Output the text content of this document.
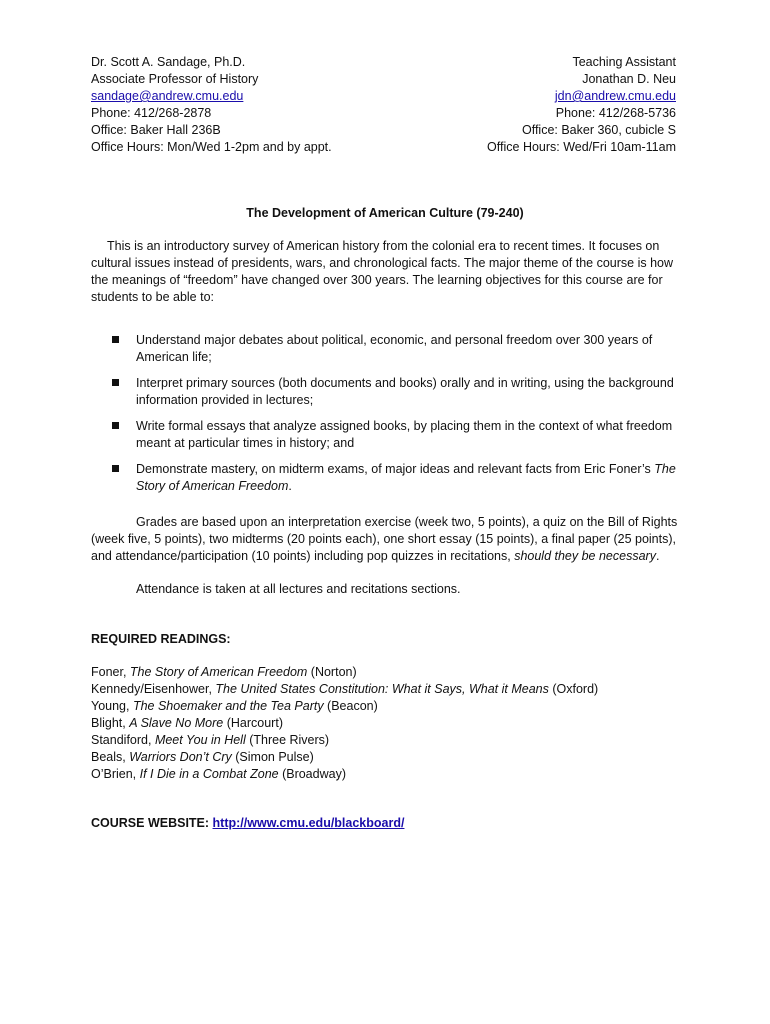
Dr. Scott A. Sandage, Ph.D.
Associate Professor of History
sandage@andrew.cmu.edu
Phone: 412/268-2878
Office: Baker Hall 236B
Office Hours: Mon/Wed 1-2pm and by appt.
Teaching Assistant
Jonathan D. Neu
jdn@andrew.cmu.edu
Phone: 412/268-5736
Office: Baker 360, cubicle S
Office Hours: Wed/Fri 10am-11am
The Development of American Culture (79-240)
This is an introductory survey of American history from the colonial era to recent times. It focuses on cultural issues instead of presidents, wars, and chronological facts. The major theme of the course is how the meanings of “freedom” have changed over 300 years. The learning objectives for this course are for students to be able to:
Understand major debates about political, economic, and personal freedom over 300 years of American life;
Interpret primary sources (both documents and books) orally and in writing, using the background information provided in lectures;
Write formal essays that analyze assigned books, by placing them in the context of what freedom meant at particular times in history; and
Demonstrate mastery, on midterm exams, of major ideas and relevant facts from Eric Foner’s The Story of American Freedom.
Grades are based upon an interpretation exercise (week two, 5 points), a quiz on the Bill of Rights (week five, 5 points), two midterms (20 points each), one short essay (15 points), a final paper (25 points), and attendance/participation (10 points) including pop quizzes in recitations, should they be necessary.
Attendance is taken at all lectures and recitations sections.
REQUIRED READINGS:
Foner, The Story of American Freedom (Norton)
Kennedy/Eisenhower, The United States Constitution: What it Says, What it Means (Oxford)
Young, The Shoemaker and the Tea Party (Beacon)
Blight, A Slave No More (Harcourt)
Standiford, Meet You in Hell (Three Rivers)
Beals, Warriors Don’t Cry (Simon Pulse)
O’Brien, If I Die in a Combat Zone (Broadway)
COURSE WEBSITE: http://www.cmu.edu/blackboard/
